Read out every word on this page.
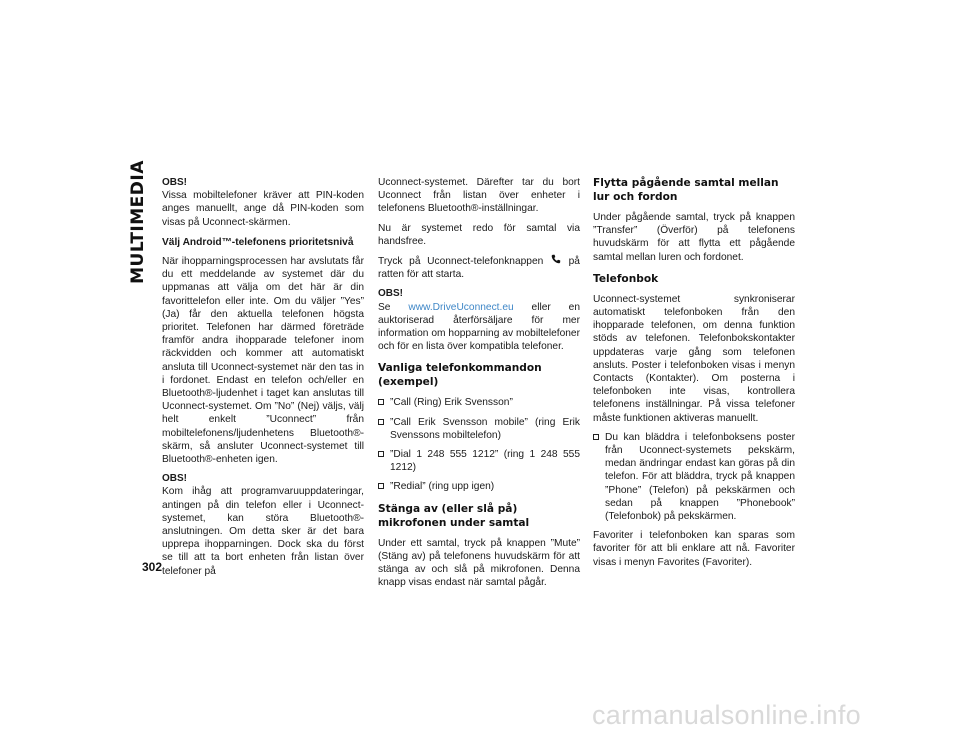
MULTIMEDIA
302
OBS!

Vissa mobiltelefoner kräver att PIN-koden anges manuellt, ange då PIN-koden som visas på Uconnect-skärmen.

Välj Android™-telefonens prioritetsnivå

När ihopparningsprocessen har avslutats får du ett meddelande av systemet där du uppmanas att välja om det här är din favorittelefon eller inte. Om du väljer ”Yes” (Ja) får den aktuella telefonen högsta prioritet. Telefonen har därmed företräde framför andra ihopparade telefoner inom räckvidden och kommer att automatiskt ansluta till Uconnect-systemet när den tas in i fordonet. Endast en telefon och/eller en Bluetooth®-ljudenhet i taget kan anslutas till Uconnect-systemet. Om ”No” (Nej) väljs, välj helt enkelt ”Uconnect” från mobiltelefonens/ljudenhetens Bluetooth®-skärm, så ansluter Uconnect-systemet till Bluetooth®-enheten igen.

OBS!

Kom ihåg att programvaruuppdateringar, antingen på din telefon eller i Uconnect-systemet, kan störa Bluetooth®-anslutningen. Om detta sker är det bara upprepa ihopparningen. Dock ska du först se till att ta bort enheten från listan över telefoner på

Uconnect-systemet. Därefter tar du bort Uconnect från listan över enheter i telefonens Bluetooth®-inställningar.

Nu är systemet redo för samtal via handsfree.

Tryck på Uconnect-telefonknappen på ratten för att starta.

OBS!

Se www.DriveUconnect.eu eller en auktoriserad återförsäljare för mer information om hopparning av mobiltelefoner och för en lista över kompatibla telefoner.

Vanliga telefonkommandon (exempel)
”Call (Ring) Erik Svensson”
”Call Erik Svensson mobile” (ring Erik Svenssons mobiltelefon)
”Dial 1 248 555 1212” (ring 1 248 555 1212)
”Redial” (ring upp igen)
Stänga av (eller slå på) mikrofonen under samtal

Under ett samtal, tryck på knappen ”Mute” (Stäng av) på telefonens huvudskärm för att stänga av och slå på mikrofonen. Denna knapp visas endast när samtal pågår.

Flytta pågående samtal mellan lur och fordon

Under pågående samtal, tryck på knappen ”Transfer” (Överför) på telefonens huvudskärm för att flytta ett pågående samtal mellan luren och fordonet.

Telefonbok

Uconnect-systemet synkroniserar automatiskt telefonboken från den ihopparade telefonen, om denna funktion stöds av telefonen. Telefonbokskontakter uppdateras varje gång som telefonen ansluts. Poster i telefonboken visas i menyn Contacts (Kontakter). Om posterna i telefonboken inte visas, kontrollera telefonens inställningar. På vissa telefoner måste funktionen aktiveras manuellt.

Du kan bläddra i telefonboksens poster från Uconnect-systemets pekskärm, medan ändringar endast kan göras på din telefon. För att bläddra, tryck på knappen ”Phone” (Telefon) på pekskärmen och sedan på knappen ”Phonebook” (Telefonbok) på pekskärmen.

Favoriter i telefonboken kan sparas som favoriter för att bli enklare att nå. Favoriter visas i menyn Favorites (Favoriter).

carmanualsonline.info
